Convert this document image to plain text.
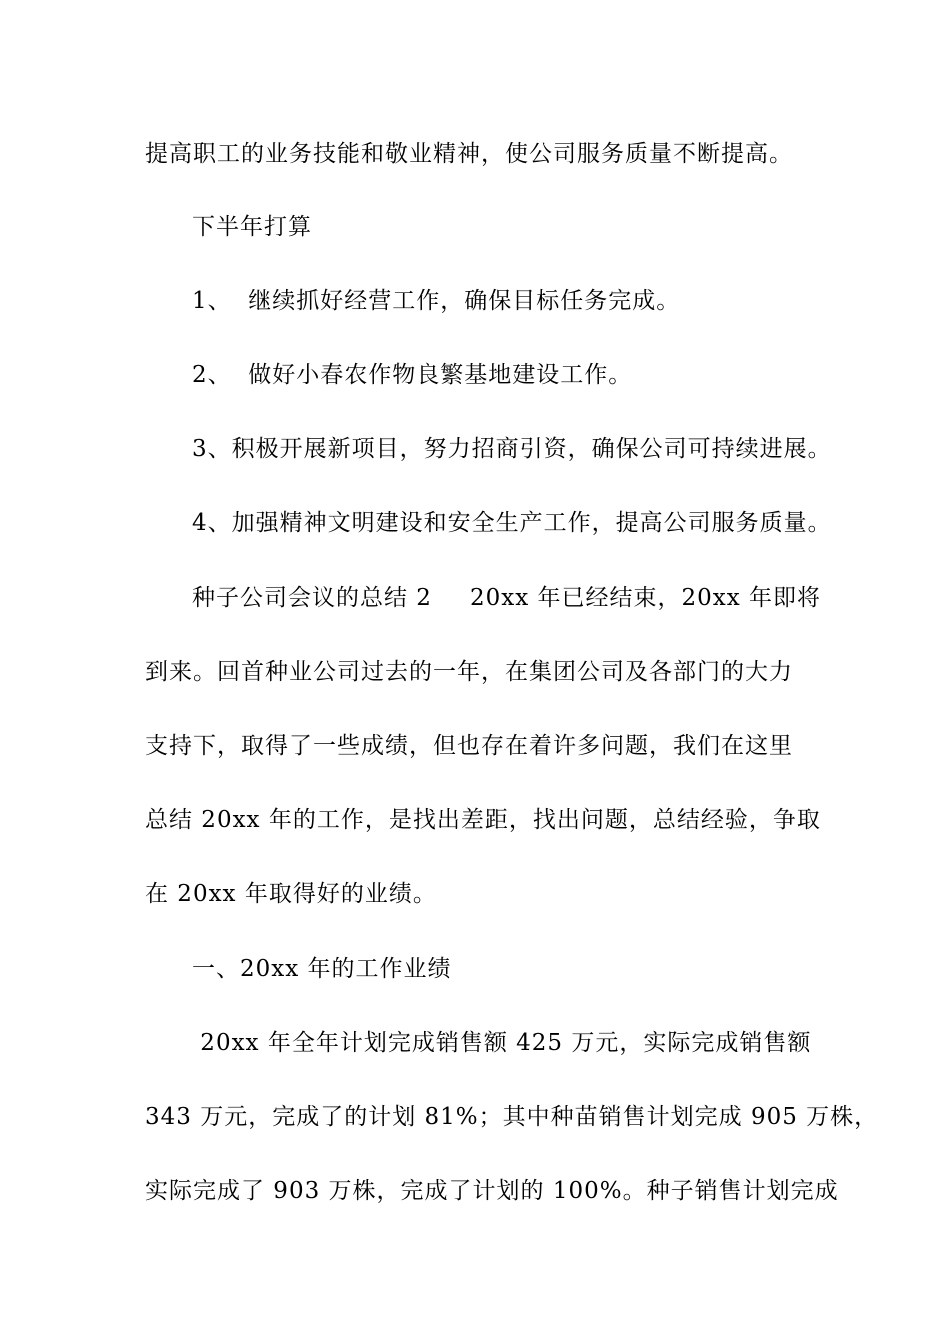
提高职工的业务技能和敬业精神，使公司服务质量不断提高。
下半年打算
1、  继续抓好经营工作，确保目标任务完成。
2、  做好小春农作物良繁基地建设工作。
3、积极开展新项目，努力招商引资，确保公司可持续进展。
4、加强精神文明建设和安全生产工作，提高公司服务质量。
种子公司会议的总结 2 20xx 年已经结束，20xx 年即将
到来。回首种业公司过去的一年，在集团公司及各部门的大力
支持下，取得了一些成绩，但也存在着许多问题，我们在这里
总结 20xx 年的工作，是找出差距，找出问题，总结经验，争取
在 20xx 年取得好的业绩。
一、20xx 年的工作业绩
20xx 年全年计划完成销售额 425 万元，实际完成销售额
343 万元，完成了的计划 81%；其中种苗销售计划完成 905 万株，
实际完成了 903 万株，完成了计划的 100%。种子销售计划完成
